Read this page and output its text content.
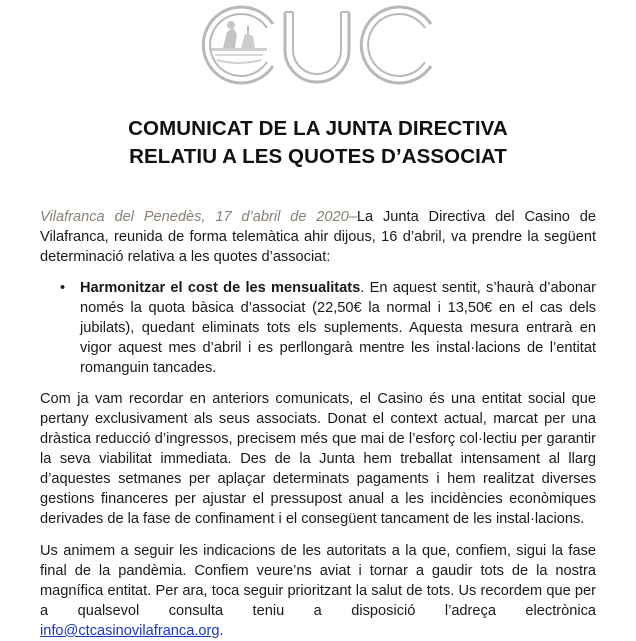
COMUNICAT DE LA JUNTA DIRECTIVA
RELATIU A LES QUOTES D’ASSOCIAT
Vilafranca del Penedès, 17 d’abril de 2020–La Junta Directiva del Casino de Vilafranca, reunida de forma telemàtica ahir dijous, 16 d’abril, va prendre la següent determinació relativa a les quotes d’associat:
• Harmonitzar el cost de les mensualitats. En aquest sentit, s’haurà d’abonar només la quota bàsica d’associat (22,50€ la normal i 13,50€ en el cas dels jubilats), quedant eliminats tots els suplements. Aquesta mesura entrarà en vigor aquest mes d’abril i es perllongarà mentre les instal·lacions de l’entitat romanguin tancades.
Com ja vam recordar en anteriors comunicats, el Casino és una entitat social que pertany exclusivament als seus associats. Donat el context actual, marcat per una dràstica reducció d’ingressos, precisem més que mai de l’esforç col·lectiu per garantir la seva viabilitat immediata. Des de la Junta hem treballat intensament al llarg d’aquestes setmanes per aplaçar determinats pagaments i hem realitzat diverses gestions financeres per ajustar el pressupost anual a les incidències econòmiques derivades de la fase de confinament i el consegüent tancament de les instal·lacions.
Us animem a seguir les indicacions de les autoritats a la que, confiem, sigui la fase final de la pandèmia. Confiem veure’ns aviat i tornar a gaudir tots de la nostra magnífica entitat. Per ara, toca seguir prioritzant la salut de tots. Us recordem que per a qualsevol consulta teniu a disposició l’adreça electrònica info@ctcasinovilafranca.org.
